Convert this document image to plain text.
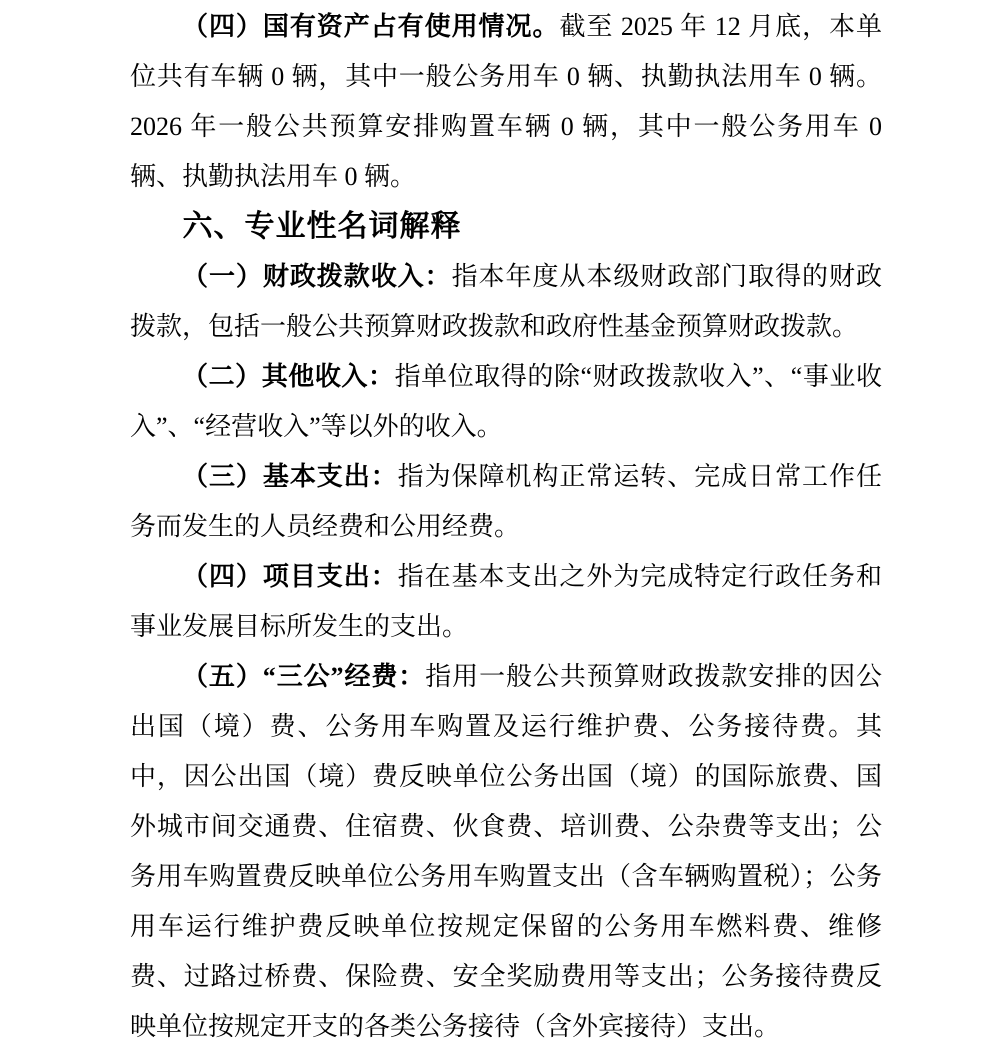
（四）国有资产占有使用情况。截至 2025 年 12 月底，本单位共有车辆 0 辆，其中一般公务用车 0 辆、执勤执法用车 0 辆。2026 年一般公共预算安排购置车辆 0 辆，其中一般公务用车 0 辆、执勤执法用车 0 辆。

六、专业性名词解释

（一）财政拨款收入：指本年度从本级财政部门取得的财政拨款，包括一般公共预算财政拨款和政府性基金预算财政拨款。

（二）其他收入：指单位取得的除“财政拨款收入”、“事业收入”、“经营收入”等以外的收入。

（三）基本支出：指为保障机构正常运转、完成日常工作任务而发生的人员经费和公用经费。

（四）项目支出：指在基本支出之外为完成特定行政任务和事业发展目标所发生的支出。

（五）“三公”经费：指用一般公共预算财政拨款安排的因公出国（境）费、公务用车购置及运行维护费、公务接待费。其中，因公出国（境）费反映单位公务出国（境）的国际旅费、国外城市间交通费、住宿费、伙食费、培训费、公杂费等支出；公务用车购置费反映单位公务用车购置支出（含车辆购置税）；公务用车运行维护费反映单位按规定保留的公务用车燃料费、维修费、过路过桥费、保险费、安全奖励费用等支出；公务接待费反映单位按规定开支的各类公务接待（含外宾接待）支出。
